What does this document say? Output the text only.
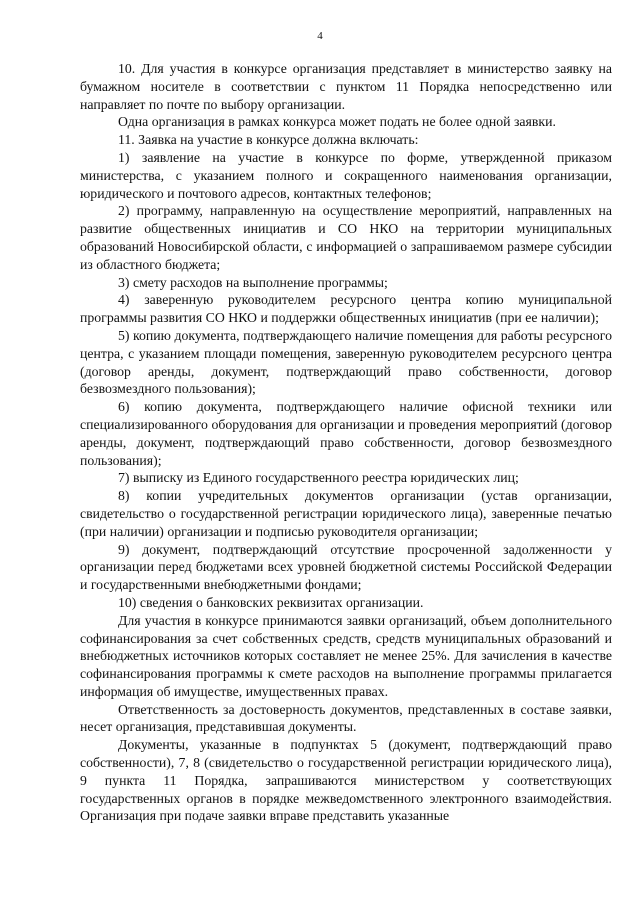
4

10. Для участия в конкурсе организация представляет в министерство заявку на бумажном носителе в соответствии с пунктом 11 Порядка непосредственно или направляет по почте по выбору организации.

Одна организация в рамках конкурса может подать не более одной заявки.

11. Заявка на участие в конкурсе должна включать:

1) заявление на участие в конкурсе по форме, утвержденной приказом министерства, с указанием полного и сокращенного наименования организации, юридического и почтового адресов, контактных телефонов;

2) программу, направленную на осуществление мероприятий, направленных на развитие общественных инициатив и СО НКО на территории муниципальных образований Новосибирской области, с информацией о запрашиваемом размере субсидии из областного бюджета;

3) смету расходов на выполнение программы;

4) заверенную руководителем ресурсного центра копию муниципальной программы развития СО НКО и поддержки общественных инициатив (при ее наличии);

5) копию документа, подтверждающего наличие помещения для работы ресурсного центра, с указанием площади помещения, заверенную руководителем ресурсного центра (договор аренды, документ, подтверждающий право собственности, договор безвозмездного пользования);

6) копию документа, подтверждающего наличие офисной техники или специализированного оборудования для организации и проведения мероприятий (договор аренды, документ, подтверждающий право собственности, договор безвозмездного пользования);

7) выписку из Единого государственного реестра юридических лиц;

8) копии учредительных документов организации (устав организации, свидетельство о государственной регистрации юридического лица), заверенные печатью (при наличии) организации и подписью руководителя организации;

9) документ, подтверждающий отсутствие просроченной задолженности у организации перед бюджетами всех уровней бюджетной системы Российской Федерации и государственными внебюджетными фондами;

10) сведения о банковских реквизитах организации.

Для участия в конкурсе принимаются заявки организаций, объем дополнительного софинансирования за счет собственных средств, средств муниципальных образований и внебюджетных источников которых составляет не менее 25%. Для зачисления в качестве софинансирования программы к смете расходов на выполнение программы прилагается информация об имуществе, имущественных правах.

Ответственность за достоверность документов, представленных в составе заявки, несет организация, представившая документы.

Документы, указанные в подпунктах 5 (документ, подтверждающий право собственности), 7, 8 (свидетельство о государственной регистрации юридического лица), 9 пункта 11 Порядка, запрашиваются министерством у соответствующих государственных органов в порядке межведомственного электронного взаимодействия. Организация при подаче заявки вправе представить указанные
